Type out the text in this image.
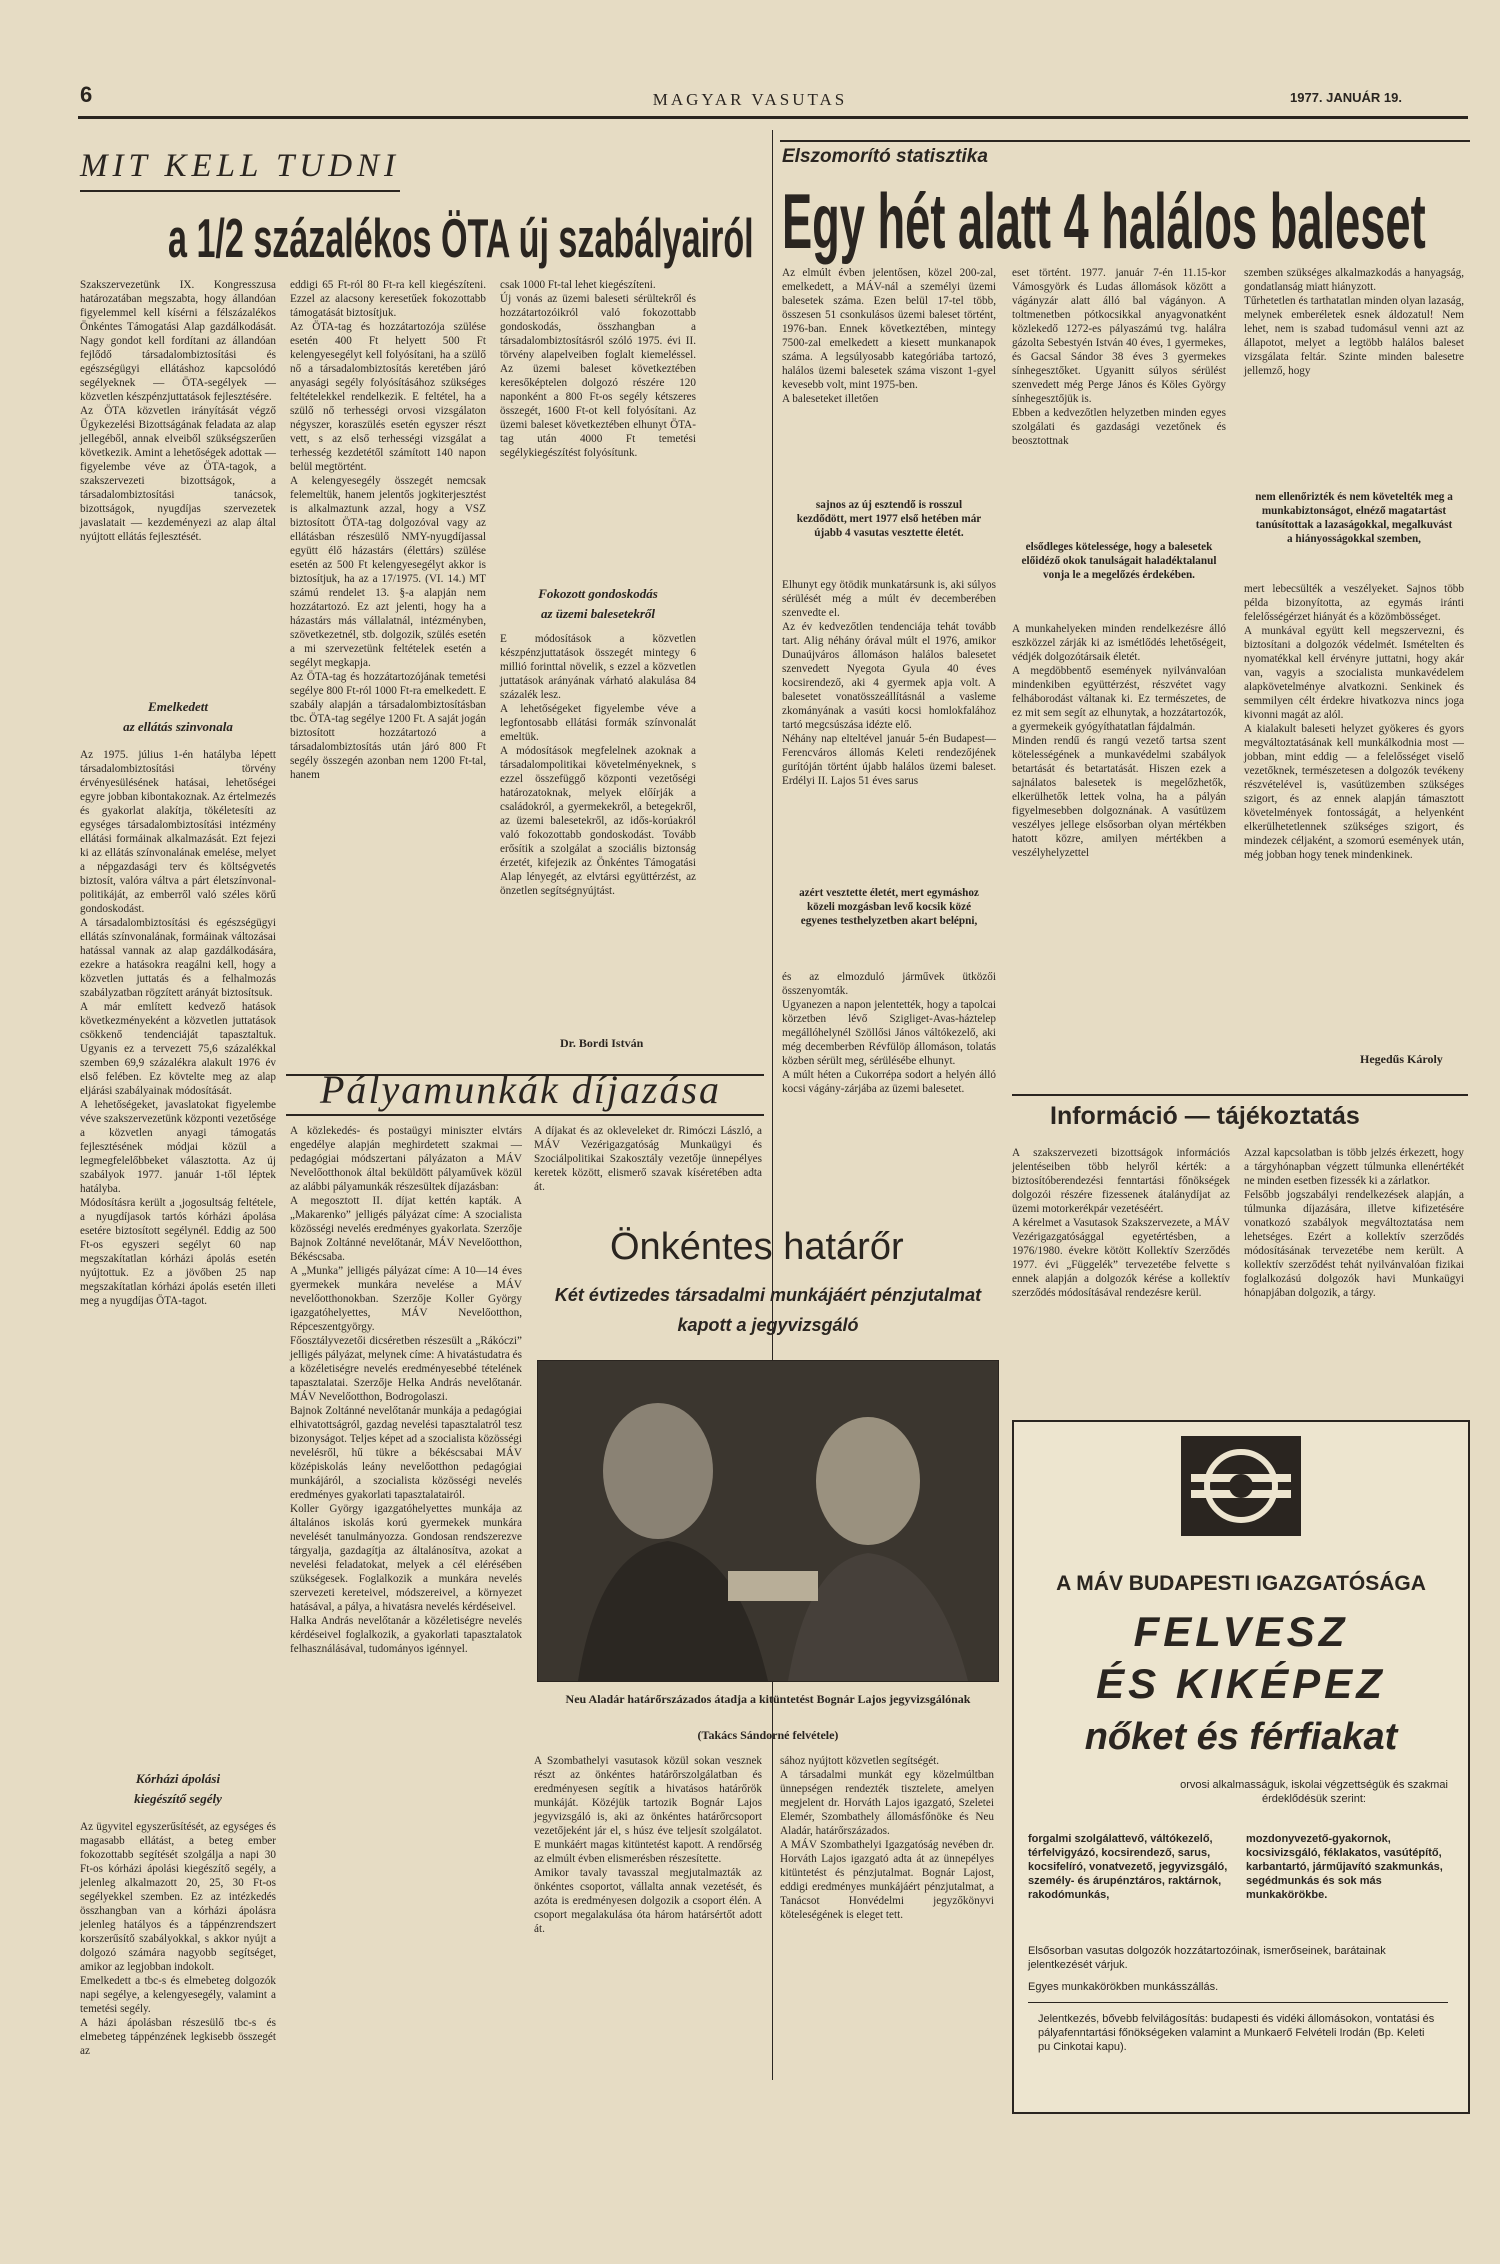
6	MAGYAR VASUTAS	1977. JANUÁR 19.
MIT KELL TUDNI
a 1/2 százalékos ÖTA új szabályairól

Szakszervezetünk IX. Kongresszusa határozatában megszabta, hogy állandóan figyelemmel kell kísérni a félszázalékos Önkéntes Támogatási Alap gazdálkodását. Nagy gondot kell fordítani az állandóan fejlődő társadalombiztosítási és egészségügyi ellátáshoz kapcsolódó segélyeknek — ÖTA-segélyek — közvetlen készpénzjuttatások fejlesztésére.
Az ÖTA közvetlen irányítását végző Ügykezelési Bizottságának feladata az alap jellegéből, annak elveiből szükségszerűen következik. Amint a lehetőségek adottak — figyelembe véve az ÖTA-tagok, a szakszervezeti bizottságok, a társadalombiztosítási tanácsok, bizottságok, nyugdíjas szervezetek javaslatait — kezdeményezi az alap által nyújtott ellátás fejlesztését.

Emelkedett
az ellátás szinvonala

Az 1975. július 1-én hatályba lépett társadalombiztosítási törvény érvényesülésének hatásai, lehetőségei egyre jobban kibontakoznak. Az értelmezés és gyakorlat alakítja, tökéletesíti az egységes társadalombiztosítási intézmény ellátási formáinak alkalmazását. Ezt fejezi ki az ellátás színvonalának emelése, melyet a népgazdasági terv és költségvetés biztosít, valóra váltva a párt életszínvonal-politikáját, az emberről való széles körű gondoskodást.
A társadalombiztosítási és egészségügyi ellátás színvonalának, formáinak változásai hatással vannak az alap gazdálkodására, ezekre a hatásokra reagálni kell, hogy a közvetlen juttatás és a felhalmozás szabályzatban rögzített arányát biztosítsuk.
A már említett kedvező hatások következményeként a közvetlen juttatások csökkenő tendenciáját tapasztaltuk. Ugyanis ez a tervezett 75,6 százalékkal szemben 69,9 százalékra alakult 1976 év első felében. Ez kövtelte meg az alap eljárási szabályainak módosítását.
A lehetőségeket, javaslatokat figyelembe véve szakszervezetünk központi vezetősége a közvetlen anyagi támogatás fejlesztésének módjai közül a legmegfelelőbbeket választotta. Az új szabályok 1977. január 1-től léptek hatályba.
Módosításra került a ,jogosultság feltétele, a nyugdíjasok tartós kórházi ápolása esetére biztosított segélynél. Eddig az 500 Ft-os egyszeri segélyt 60 nap megszakítatlan kórházi ápolás esetén nyújtottuk. Ez a jövőben 25 nap megszakítatlan kórházi ápolás esetén illeti meg a nyugdíjas ÖTA-tagot.

Kórházi ápolási
kiegészítő segély

Az ügyvitel egyszerűsítését, az egységes és magasabb ellátást, a beteg ember fokozottabb segítését szolgálja a napi 30 Ft-os kórházi ápolási kiegészítő segély, a jelenleg alkalmazott 20, 25, 30 Ft-os segélyekkel szemben. Ez az intézkedés összhangban van a kórházi ápolásra jelenleg hatályos és a táppénzrendszert korszerűsítő szabályokkal, s akkor nyújt a dolgozó számára nagyobb segítséget, amikor az legjobban indokolt.
Emelkedett a tbc-s és elmebeteg dolgozók napi segélye, a kelengyesegély, valamint a temetési segély.
A házi ápolásban részesülő tbc-s és elmebeteg táppénzének legkisebb összegét az

eddigi 65 Ft-ról 80 Ft-ra kell kiegészíteni. Ezzel az alacsony keresetűek fokozottabb támogatását biztosítjuk.
Az ÖTA-tag és hozzátartozója szülése esetén 400 Ft helyett 500 Ft kelengyesegélyt kell folyósítani, ha a szülő nő a társadalombiztosítás keretében járó anyasági segély folyósításához szükséges feltételekkel rendelkezik. E feltétel, ha a szülő nő terhességi orvosi vizsgálaton négyszer, koraszülés esetén egyszer részt vett, s az első terhességi vizsgálat a terhesség kezdetétől számított 140 napon belül megtörtént.
A kelengyesegély összegét nemcsak felemeltük, hanem jelentős jogkiterjesztést is alkalmaztunk azzal, hogy a VSZ biztosított ÖTA-tag dolgozóval vagy az ellátásban részesülő NMY-nyugdíjassal együtt élő házastárs (élettárs) szülése esetén az 500 Ft kelengyesegélyt akkor is biztosítjuk, ha az a 17/1975. (VI. 14.) MT számú rendelet 13. §-a alapján nem hozzátartozó. Ez azt jelenti, hogy ha a házastárs más vállalatnál, intézményben, szövetkezetnél, stb. dolgozik, szülés esetén a mi szervezetünk feltételek esetén a segélyt megkapja.
Az ÖTA-tag és hozzátartozójának temetési segélye 800 Ft-ról 1000 Ft-ra emelkedett. E szabály alapján a társadalombiztosításban tbc. ÖTA-tag segélye 1200 Ft. A saját jogán biztosított hozzátartozó a társadalombiztosítás után járó 800 Ft segély összegén azonban nem 1200 Ft-tal, hanem

csak 1000 Ft-tal lehet kiegészíteni.
Új vonás az üzemi baleseti sérültekről és hozzátartozóikról való fokozottabb gondoskodás, összhangban a társadalombiztosításról szóló 1975. évi II. törvény alapelveiben foglalt kiemeléssel. Az üzemi baleset következtében keresőképtelen dolgozó részére 120 naponként a 800 Ft-os segély kétszeres összegét, 1600 Ft-ot kell folyósítani. Az üzemi baleset következtében elhunyt ÖTA-tag után 4000 Ft temetési segélykiegészítést folyósítunk.

Fokozott gondoskodás
az üzemi balesetekről

E módosítások a közvetlen készpénzjuttatások összegét mintegy 6 millió forinttal növelik, s ezzel a közvetlen juttatások arányának várható alakulása 84 százalék lesz.
A lehetőségeket figyelembe véve a legfontosabb ellátási formák színvonalát emeltük.
A módosítások megfelelnek azoknak a társadalompolitikai követelményeknek, s ezzel összefüggő központi vezetőségi határozatoknak, melyek előírják a családokról, a gyermekekről, a betegekről, az üzemi balesetekről, az idős-korúakról való fokozottabb gondoskodást. Tovább erősítik a szolgálat a szociális biztonság érzetét, kifejezik az Önkéntes Támogatási Alap lényegét, az elvtársi együttérzést, az önzetlen segítségnyújtást.

Dr. Bordi István
Elszomorító statisztika
Egy hét alatt 4 halálos baleset

Az elmúlt évben jelentősen, közel 200-zal, emelkedett, a MÁV-nál a személyi üzemi balesetek száma. Ezen belül 17-tel több, összesen 51 csonkulásos üzemi baleset történt, 1976-ban. Ennek következtében, mintegy 7500-zal emelkedett a kiesett munkanapok száma. A legsúlyosabb kategóriába tartozó, halálos üzemi balesetek száma viszont 1-gyel kevesebb volt, mint 1975-ben.
A baleseteket illetően

sajnos az új esztendő is rosszul kezdődött, mert 1977 első hetében már újabb 4 vasutas vesztette életét.

Elhunyt egy ötödik munkatársunk is, aki súlyos sérülését még a múlt év decemberében szenvedte el.
Az év kedvezőtlen tendenciája tehát tovább tart. Alig néhány órával múlt el 1976, amikor Dunaújváros állomáson halálos balesetet szenvedett Nyegota Gyula 40 éves kocsirendező, aki 4 gyermek apja volt. A balesetet vonatösszeállításnál a vasleme zkományának a vasúti kocsi homlokfalához tartó megcsúszása idézte elő.
Néhány nap elteltével január 5-én Budapest—Ferencváros állomás Keleti rendezőjének gurítóján történt újabb halálos üzemi baleset. Erdélyi II. Lajos 51 éves sarus

azért vesztette életét, mert egymáshoz közeli mozgásban levő kocsik közé egyenes testhelyzetben akart belépni,

és az elmozduló járművek ütközői összenyomták.
Ugyanezen a napon jelentették, hogy a tapolcai körzetben lévő Szigliget-Avas-háztelep megállóhelynél Szöllősi János váltókezelő, aki még decemberben Révfülöp állomáson, tolatás közben sérült meg, sérülésébe elhunyt.
A múlt héten a Cukorrépa sodort a helyén álló kocsi vágány-zárjába az üzemi balesetet.

eset történt. 1977. január 7-én 11.15-kor Vámosgyörk és Ludas állomások között a vágányzár alatt álló bal vágányon. A toltmenetben pótkocsikkal anyagvonatként közlekedő 1272-es pályaszámú tvg. halálra gázolta Sebestyén István 40 éves, 1 gyermekes, és Gacsal Sándor 38 éves 3 gyermekes sínhegesztőket. Ugyanitt súlyos sérülést szenvedett még Perge János és Köles György sínhegesztőjük is.
Ebben a kedvezőtlen helyzetben minden egyes szolgálati és gazdasági vezetőnek és beosztottnak

elsődleges kötelessége, hogy a balesetek előidéző okok tanulságait haladéktalanul vonja le a megelőzés érdekében.

A munkahelyeken minden rendelkezésre álló eszközzel zárják ki az ismétlődés lehetőségeit, védjék dolgozótársaik életét.
A megdöbbentő események nyilvánvalóan mindenkiben együttérzést, részvétet vagy felháborodást váltanak ki. Ez természetes, de ez mit sem segít az elhunytak, a hozzátartozók, a gyermekeik gyógyíthatatlan fájdalmán.
Minden rendű és rangú vezető tartsa szent kötelességének a munkavédelmi szabályok betartását és betartatását. Hiszen ezek a sajnálatos balesetek is megelőzhetők, elkerülhetők lettek volna, ha a pályán figyelmesebben dolgoznának. A vasútüzem veszélyes jellege elsősorban olyan mértékben hatott közre, amilyen mértékben a veszélyhelyzettel

szemben szükséges alkalmazkodás a hanyagság, gondatlanság miatt hiányzott.
Tűrhetetlen és tarthatatlan minden olyan lazaság, melynek emberéletek esnek áldozatul! Nem lehet, nem is szabad tudomásul venni azt az állapotot, melyet a legtöbb halálos baleset vizsgálata feltár. Szinte minden balesetre jellemző, hogy

nem ellenőrizték és nem követelték meg a munkabiztonságot, elnéző magatartást tanúsítottak a lazaságokkal, megalkuvást a hiányosságokkal szemben,

mert lebecsülték a veszélyeket. Sajnos több példa bizonyította, az egymás iránti felelősségérzet hiányát és a közömbösséget.
A munkával együtt kell megszervezni, és biztosítani a dolgozók védelmét. Ismételten és nyomatékkal kell érvényre juttatni, hogy akár van, vagyis a szocialista munkavédelem alapkövetelménye alvatkozni. Senkinek és semmilyen célt érdekre hivatkozva nincs joga kivonni magát az alól.
A kialakult baleseti helyzet gyökeres és gyors megváltoztatásának kell munkálkodnia most — jobban, mint eddig — a felelősséget viselő vezetőknek, természetesen a dolgozók tevékeny részvételével is, vasútüzemben szükséges szigort, és az ennek alapján támasztott követelmények fontosságát, a helyenként elkerülhetetlennek szükséges szigort, és mindezek céljaként, a szomorú események után, még jobban hogy tenek mindenkinek.

Hegedűs Károly
Pályamunkák díjazása

A közlekedés- és postaügyi miniszter elvtárs engedélye alapján meghirdetett szakmai — pedagógiai módszertani pályázaton a MÁV Nevelőotthonok által beküldött pályaművek közül az alábbi pályamunkák részesültek díjazásban:
A megosztott II. díjat kettén kapták. A „Makarenko” jelligés pályázat címe: A szocialista közösségi nevelés eredményes gyakorlata. Szerzője Bajnok Zoltánné nevelőtanár, MÁV Nevelőotthon, Békéscsaba.
A „Munka” jelligés pályázat címe: A 10—14 éves gyermekek munkára nevelése a MÁV nevelőotthonokban. Szerzője Koller György igazgatóhelyettes, MÁV Nevelőotthon, Répceszentgyörgy.
Főosztályvezetői dicséretben részesült a „Rákóczi” jelligés pályázat, melynek címe: A hivatástudatra és a közéletiségre nevelés eredményesebbé tételének tapasztalatai. Szerzője Helka András nevelőtanár. MÁV Nevelőotthon, Bodrogolaszi.
Bajnok Zoltánné nevelőtanár munkája a pedagógiai elhivatottságról, gazdag nevelési tapasztalatról tesz bizonyságot. Teljes képet ad a szocialista közösségi nevelésről, hű tükre a békéscsabai MÁV középiskolás leány nevelőotthon pedagógiai munkájáról, a szocialista közösségi nevelés eredményes gyakorlati tapasztalatairól.
Koller György igazgatóhelyettes munkája az általános iskolás korú gyermekek munkára nevelését tanulmányozza. Gondosan rendszerezve tárgyalja, gazdagítja az általánosítva, azokat a nevelési feladatokat, melyek a cél elérésében szükségesek. Foglalkozik a munkára nevelés szervezeti kereteivel, módszereivel, a környezet hatásával, a pálya, a hivatásra nevelés kérdéseivel.
Halka András nevelőtanár a közéletiségre nevelés kérdéseivel foglalkozik, a gyakorlati tapasztalatok felhasználásával, tudományos igénnyel.

A díjakat és az okleveleket dr. Rimóczi László, a MÁV Vezérigazgatóság Munkaügyi és Szociálpolitikai Szakosztály vezetője ünnepélyes keretek között, elismerő szavak kíséretében adta át.

Önkéntes határőr

Két évtizedes társadalmi munkájáért pénzjutalmat kapott a jegyvizsgáló

Neu Aladár határőrszázados átadja a kitüntetést Bognár Lajos jegyvizsgálónak

(Takács Sándorné felvétele)

A Szombathelyi vasutasok közül sokan vesznek részt az önkéntes határőrszolgálatban és eredményesen segítik a hivatásos határőrök munkáját. Közéjük tartozik Bognár Lajos jegyvizsgáló is, aki az önkéntes határőrcsoport vezetőjeként jár el, s húsz éve teljesít szolgálatot. E munkáért magas kitüntetést kapott. A rendőrség az elmúlt évben elismerésben részesítette.
Amikor tavaly tavasszal megjutalmazták az önkéntes csoportot, vállalta annak vezetését, és azóta is eredményesen dolgozik a csoport élén. A csoport megalakulása óta három határsértőt adott át.

sához nyújtott közvetlen segítségét.
A társadalmi munkát egy közelmúltban ünnepségen rendezték tisztelete, amelyen megjelent dr. Horváth Lajos igazgató, Szeletei Elemér, Szombathely állomásfőnöke és Neu Aladár, határőrszázados.
A MÁV Szombathelyi Igazgatóság nevében dr. Horváth Lajos igazgató adta át az ünnepélyes kitüntetést és pénzjutalmat. Bognár Lajost, eddigi eredményes munkájáért pénzjutalmat, a Tanácsot Honvédelmi jegyzőkönyvi köteleségének is eleget tett.

Információ — tájékoztatás

A szakszervezeti bizottságok információs jelentéseiben több helyről kérték: a biztosítóberendezési fenntartási főnökségek dolgozói részére fizessenek átalánydíjat az üzemi motorkerékpár vezetéséért.
A kérelmet a Vasutasok Szakszervezete, a MÁV Vezérigazgatósággal egyetértésben, a 1976/1980. évekre kötött Kollektív Szerződés 1977. évi „Függelék” tervezetébe felvette s ennek alapján a dolgozók kérése a kollektív szerződés módosításával rendezésre kerül.

Azzal kapcsolatban is több jelzés érkezett, hogy a tárgyhónapban végzett túlmunka ellenértékét ne minden esetben fizessék ki a zárlatkor.
Felsőbb jogszabályi rendelkezések alapján, a túlmunka díjazására, illetve kifizetésére vonatkozó szabályok megváltoztatása nem lehetséges. Ezért a kollektív szerződés módosításának tervezetébe nem került. A kollektív szerződést tehát nyilvánvalóan fizikai foglalkozású dolgozók havi Munkaügyi hónapjában dolgozik, a tárgy.

A MÁV BUDAPESTI IGAZGATÓSÁGA
FELVESZ
ÉS KIKÉPEZ
nőket és férfiakat

orvosi alkalmasságuk, iskolai végzettségük és szakmai érdeklődésük szerint:

forgalmi szolgálattevő, váltókezelő, térfelvigyázó, kocsirendező, sarus, kocsifelíró, vonatvezető, jegyvizsgáló, személy- és árupénztáros, raktárnok, rakodómunkás,

mozdonyvezető-gyakornok, kocsivizsgáló, féklakatos, vasútépítő, karbantartó, járműjavító szakmunkás, segédmunkás és sok más munkakörökbe.

Elsősorban vasutas dolgozók hozzátartozóinak, ismerőseinek, barátainak jelentkezését várjuk.

Egyes munkakörökben munkásszállás.

Jelentkezés, bővebb felvilágosítás: budapesti és vidéki állomásokon, vontatási és pályafenntartási főnökségeken valamint a Munkaerő Felvételi Irodán (Bp. Keleti pu Cinkotai kapu).
